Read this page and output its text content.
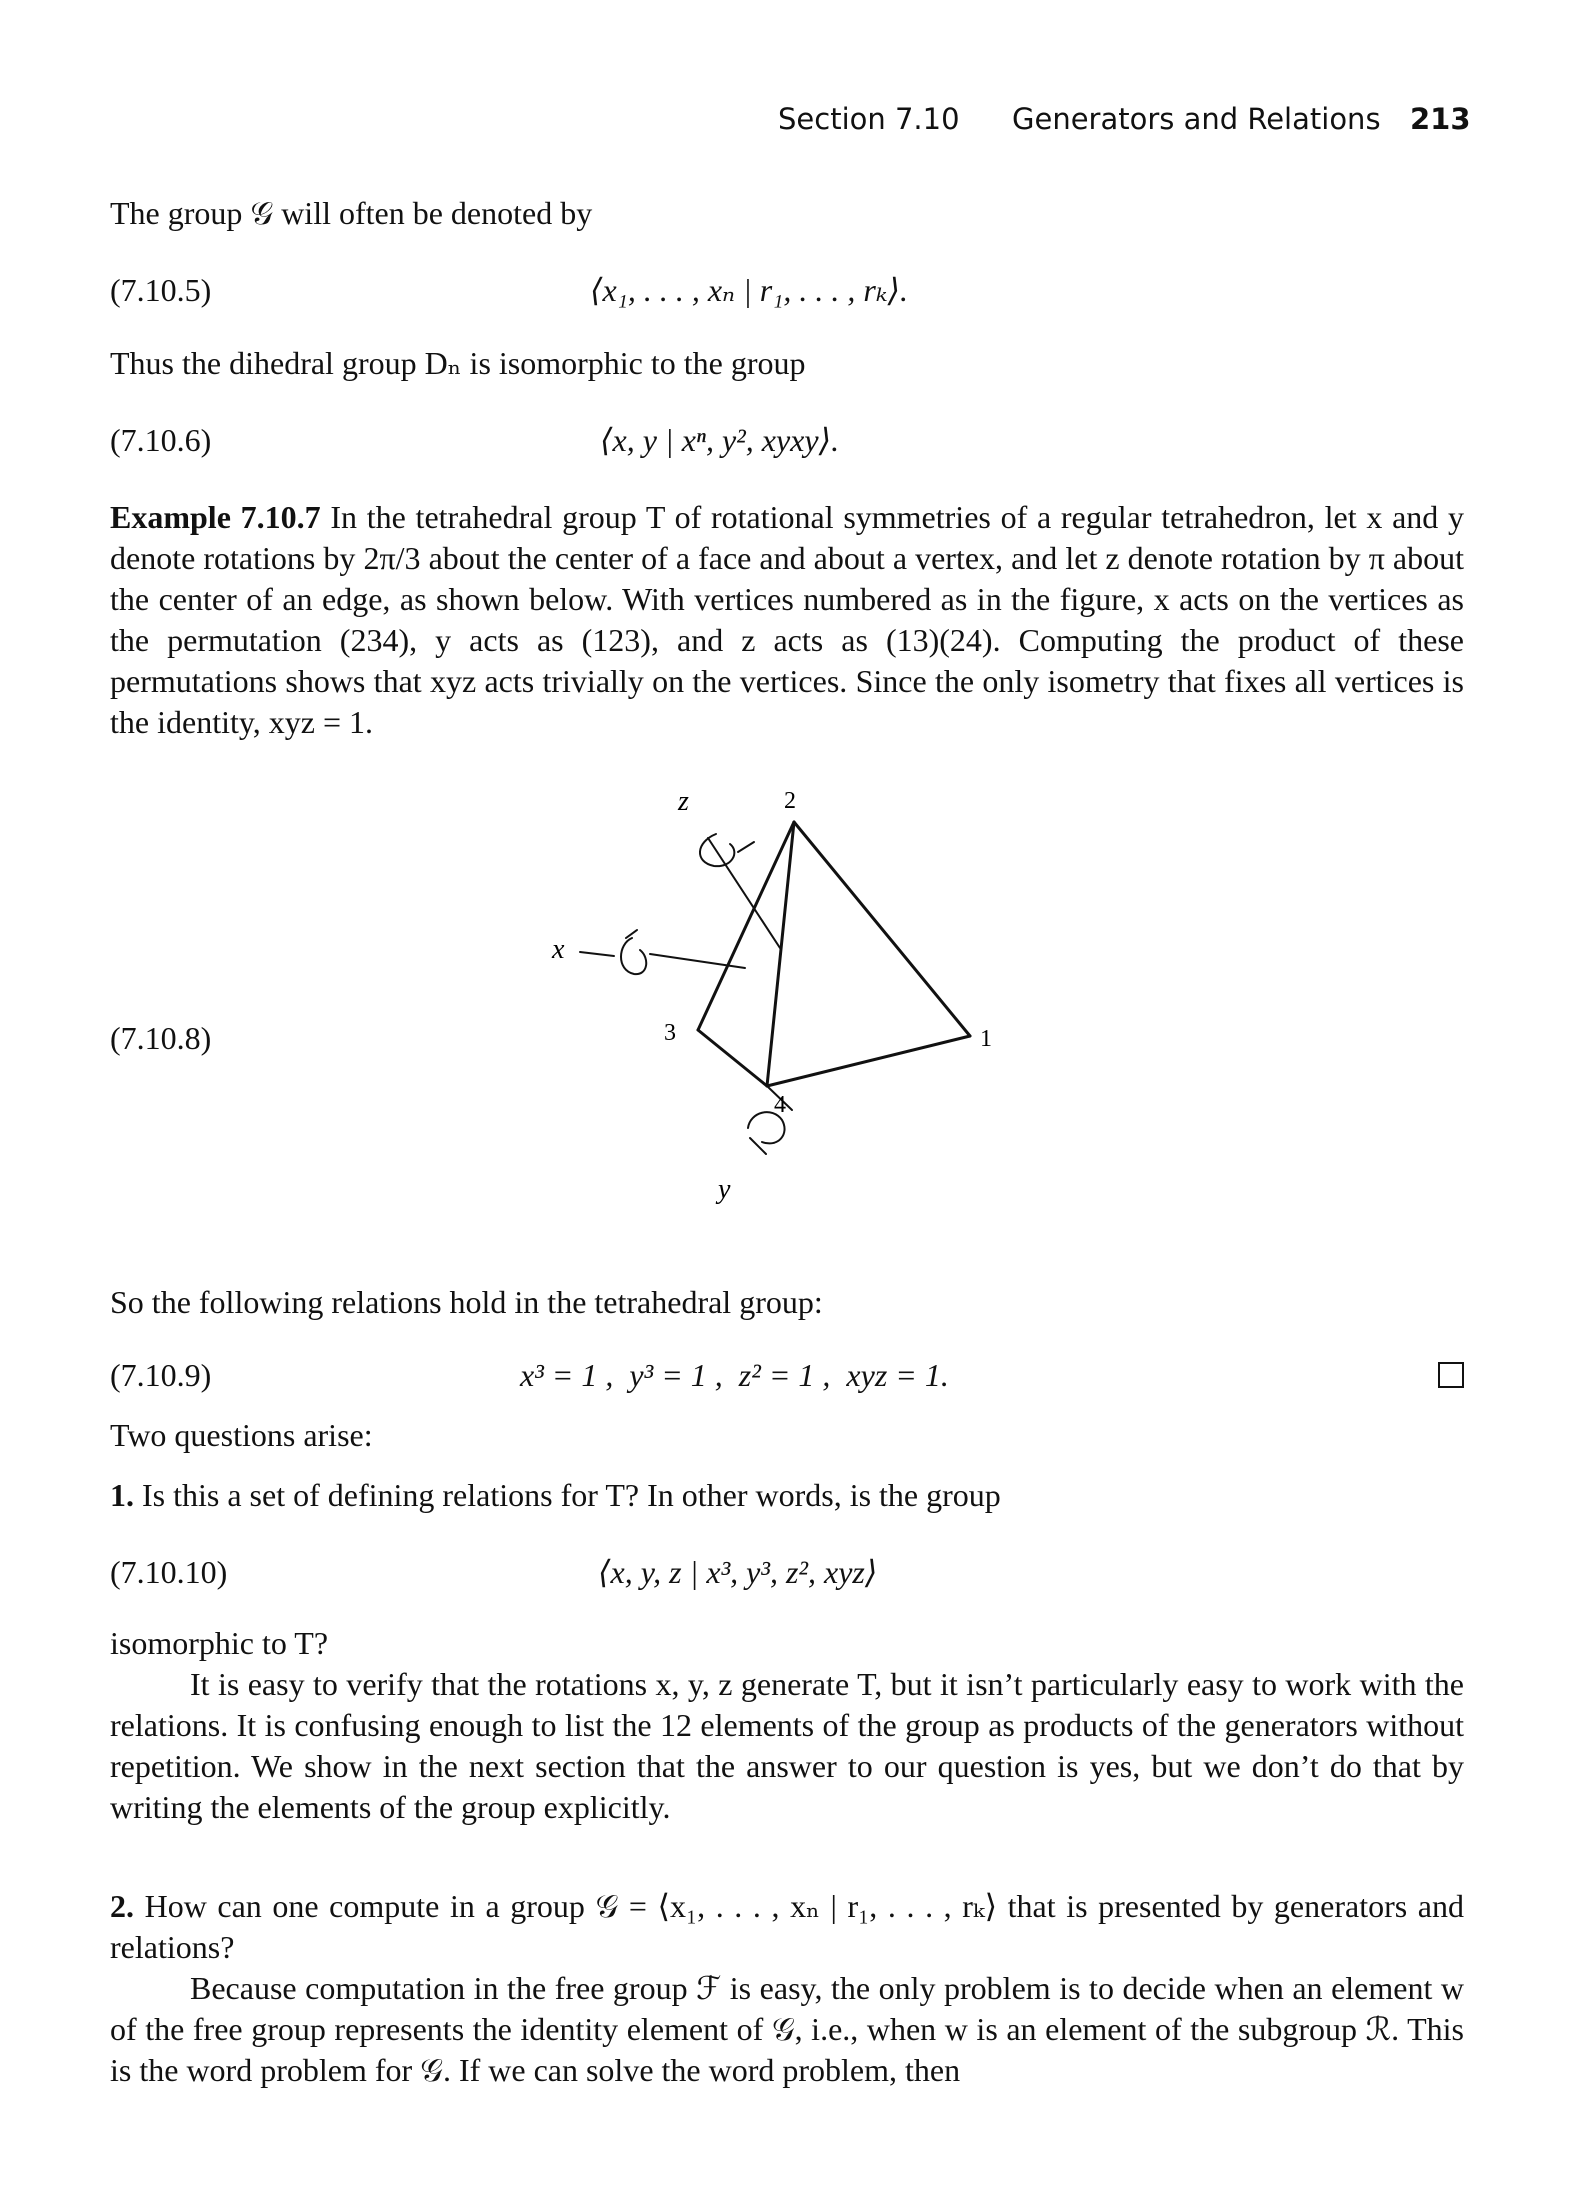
Section 7.10 Generators and Relations 213
The group 𝒢 will often be denoted by
(7.10.5)	⟨x₁, . . . , xₙ | r₁, . . . , rₖ⟩.
Thus the dihedral group Dₙ is isomorphic to the group
(7.10.6)	⟨x, y | xⁿ, y², xyxy⟩.
Example 7.10.7 In the tetrahedral group T of rotational symmetries of a regular tetrahedron, let x and y denote rotations by 2π/3 about the center of a face and about a vertex, and let z denote rotation by π about the center of an edge, as shown below. With vertices numbered as in the figure, x acts on the vertices as the permutation (234), y acts as (123), and z acts as (13)(24). Computing the product of these permutations shows that xyz acts trivially on the vertices. Since the only isometry that fixes all vertices is the identity, xyz = 1.
(7.10.8)
z
x
y
2
3	1
4
So the following relations hold in the tetrahedral group:
(7.10.9)	x³ = 1 ,  y³ = 1 ,  z² = 1 ,  xyz = 1.
Two questions arise:
1. Is this a set of defining relations for T? In other words, is the group
(7.10.10)	⟨x, y, z | x³, y³, z², xyz⟩
isomorphic to T?
It is easy to verify that the rotations x, y, z generate T, but it isn’t particularly easy to work with the relations. It is confusing enough to list the 12 elements of the group as products of the generators without repetition. We show in the next section that the answer to our question is yes, but we don’t do that by writing the elements of the group explicitly.
2. How can one compute in a group 𝒢 = ⟨x₁, . . . , xₙ | r₁, . . . , rₖ⟩ that is presented by generators and relations?
Because computation in the free group ℱ is easy, the only problem is to decide when an element w of the free group represents the identity element of 𝒢, i.e., when w is an element of the subgroup ℛ. This is the word problem for 𝒢. If we can solve the word problem, then
